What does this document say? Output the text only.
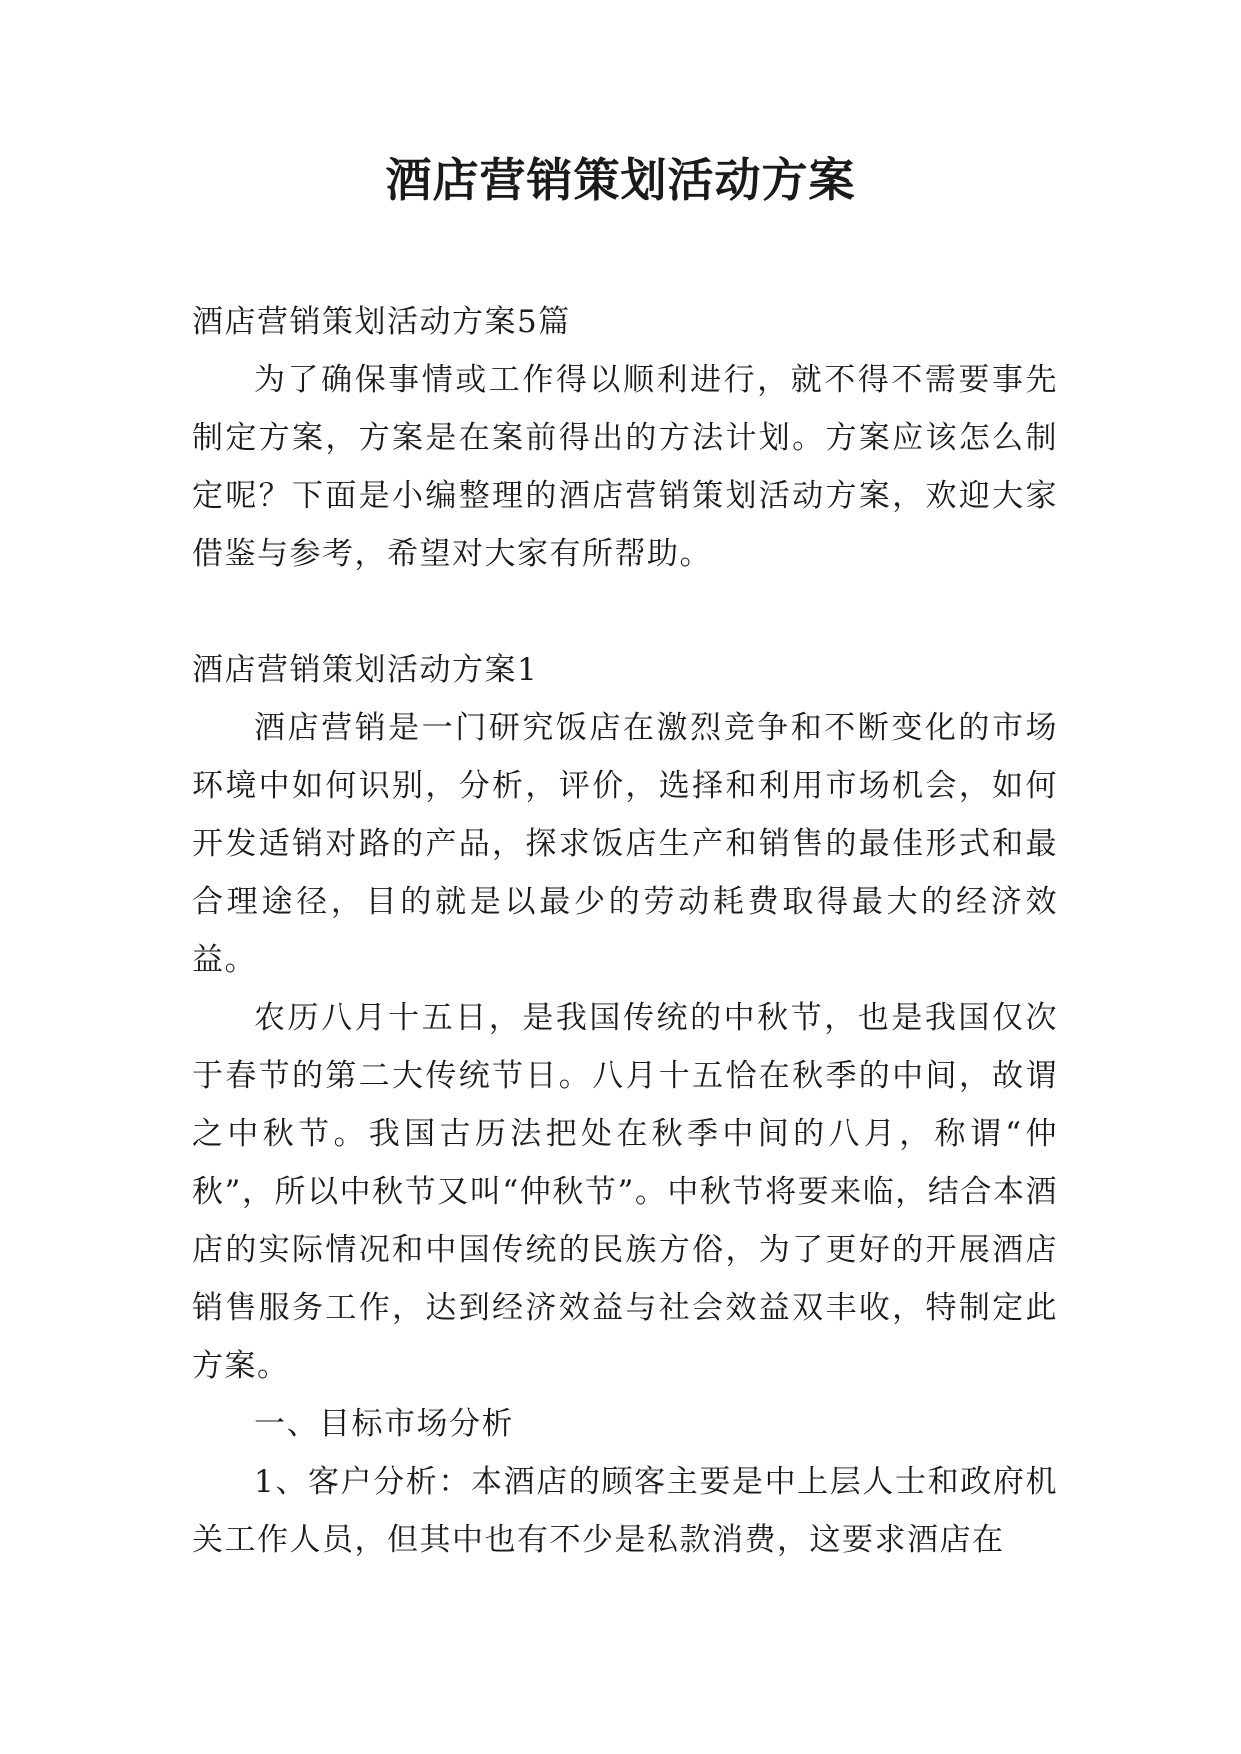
酒店营销策划活动方案

酒店营销策划活动方案5篇

为了确保事情或工作得以顺利进行，就不得不需要事先制定方案，方案是在案前得出的方法计划。方案应该怎么制定呢？下面是小编整理的酒店营销策划活动方案，欢迎大家借鉴与参考，希望对大家有所帮助。

酒店营销策划活动方案1

酒店营销是一门研究饭店在激烈竞争和不断变化的市场环境中如何识别，分析，评价，选择和利用市场机会，如何开发适销对路的产品，探求饭店生产和销售的最佳形式和最合理途径，目的就是以最少的劳动耗费取得最大的经济效益。

农历八月十五日，是我国传统的中秋节，也是我国仅次于春节的第二大传统节日。八月十五恰在秋季的中间，故谓之中秋节。我国古历法把处在秋季中间的八月，称谓“仲秋”，所以中秋节又叫“仲秋节”。中秋节将要来临，结合本酒店的实际情况和中国传统的民族方俗，为了更好的开展酒店销售服务工作，达到经济效益与社会效益双丰收，特制定此方案。

一、目标市场分析

1、客户分析：本酒店的顾客主要是中上层人士和政府机关工作人员，但其中也有不少是私款消费，这要求酒店在
